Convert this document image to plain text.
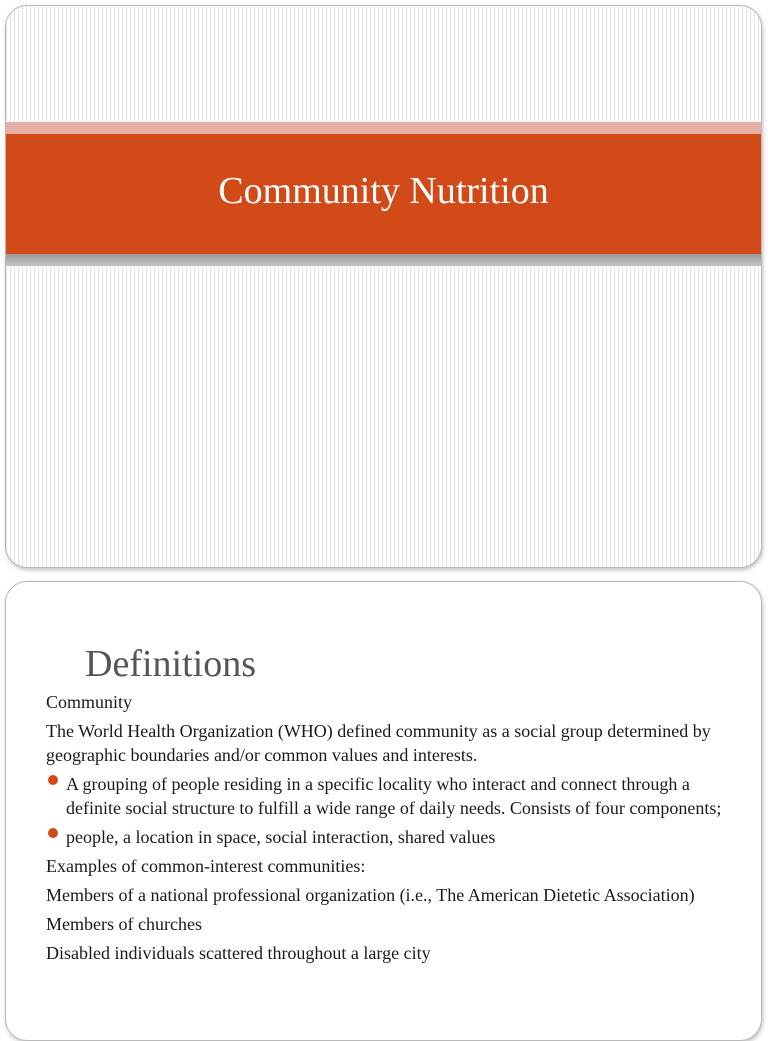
Community Nutrition
Definitions

Community

The World Health Organization (WHO) defined community as a social group determined by geographic boundaries and/or common values and interests.

A grouping of people residing in a specific locality who interact and connect through a definite social structure to fulfill a wide range of daily needs. Consists of four components;
people, a location in space, social interaction, shared values

Examples of common-interest communities:

Members of a national professional organization (i.e., The American Dietetic Association)

Members of churches

Disabled individuals scattered throughout a large city
